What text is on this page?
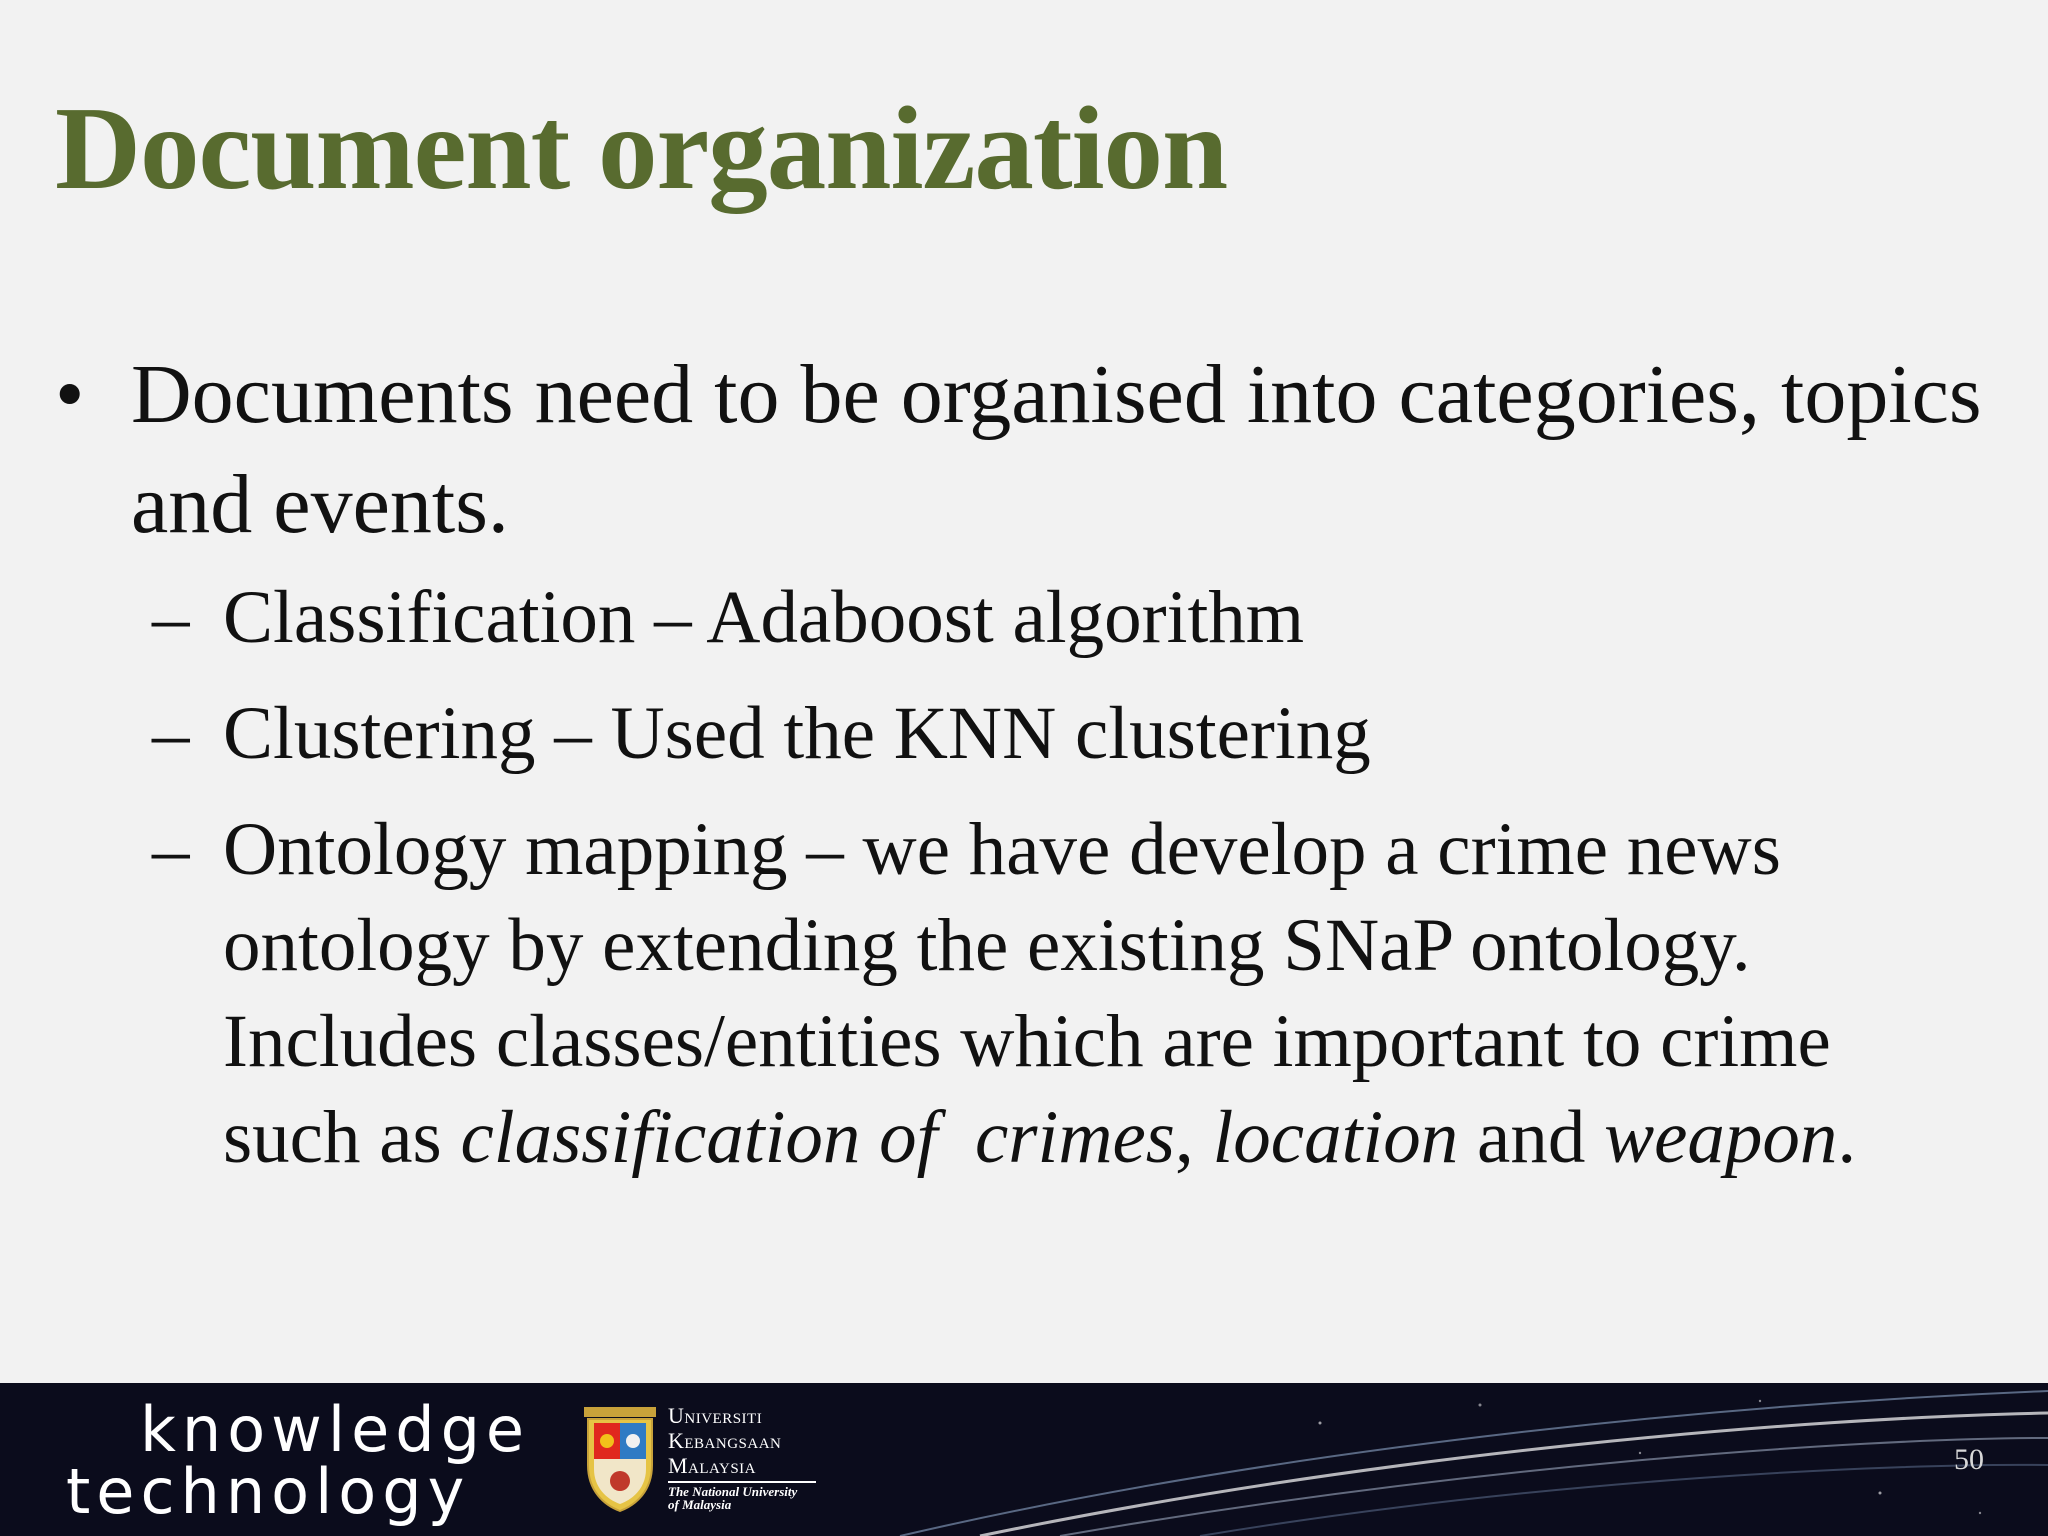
Document organization
• Documents need to be organised into categories, topics and events.
– Classification – Adaboost algorithm
– Clustering – Used the KNN clustering
– Ontology mapping – we have develop a crime news ontology by extending the existing SNaP ontology. Includes classes/entities which are important to crime such as classification of  crimes, location and weapon.
knowledge
technology
Universiti
Kebangsaan
Malaysia
The National University
of Malaysia
50
